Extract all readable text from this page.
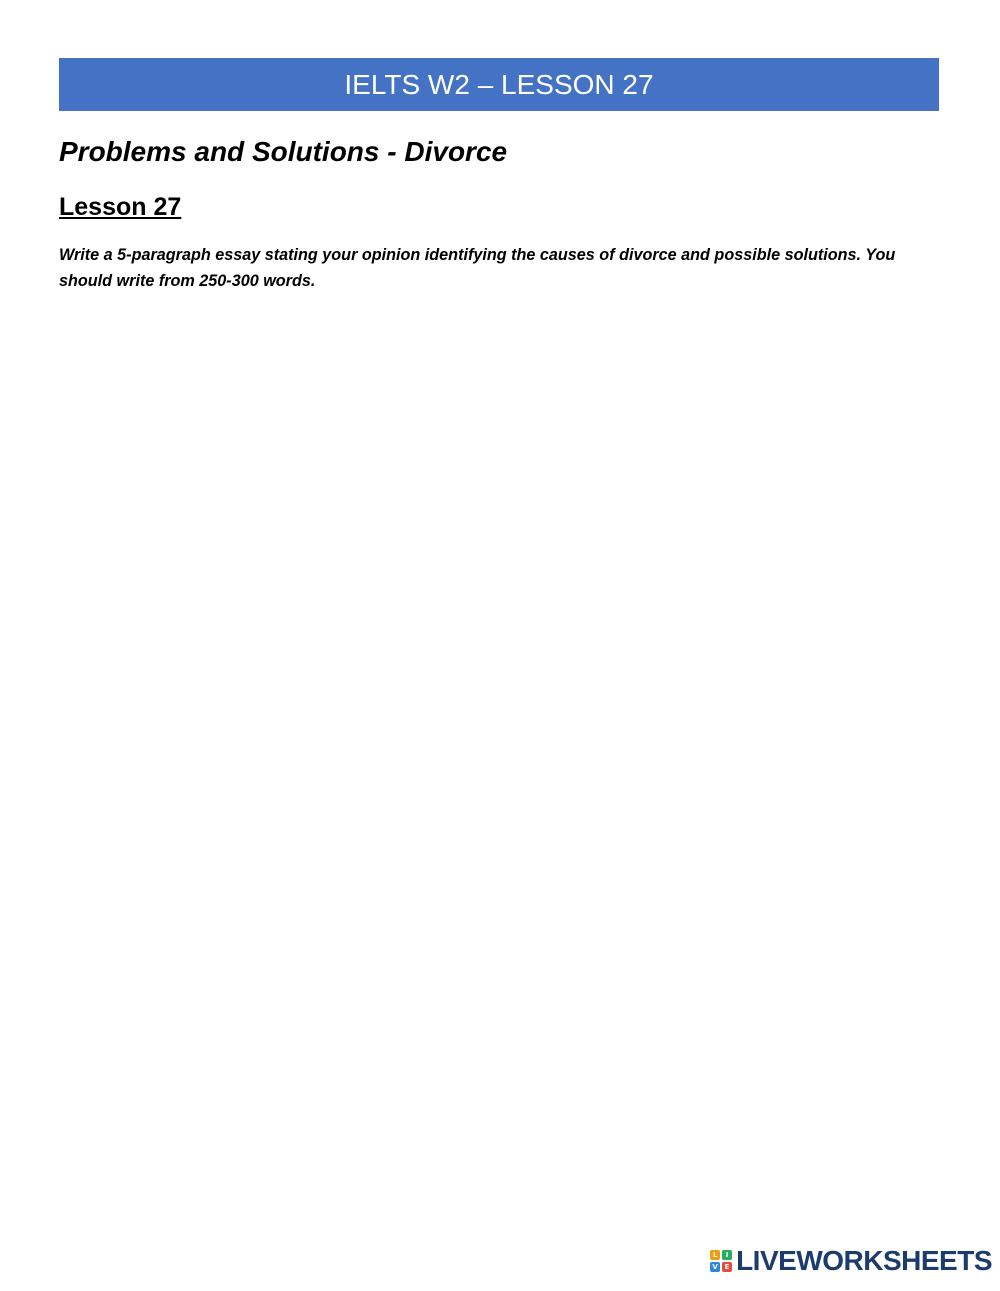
IELTS W2 – LESSON 27
Problems and Solutions - Divorce
Lesson 27
Write a 5-paragraph essay stating your opinion identifying the causes of divorce and possible solutions. You should write from 250-300 words.
L	I
V E LIVEWORKSHEETS
